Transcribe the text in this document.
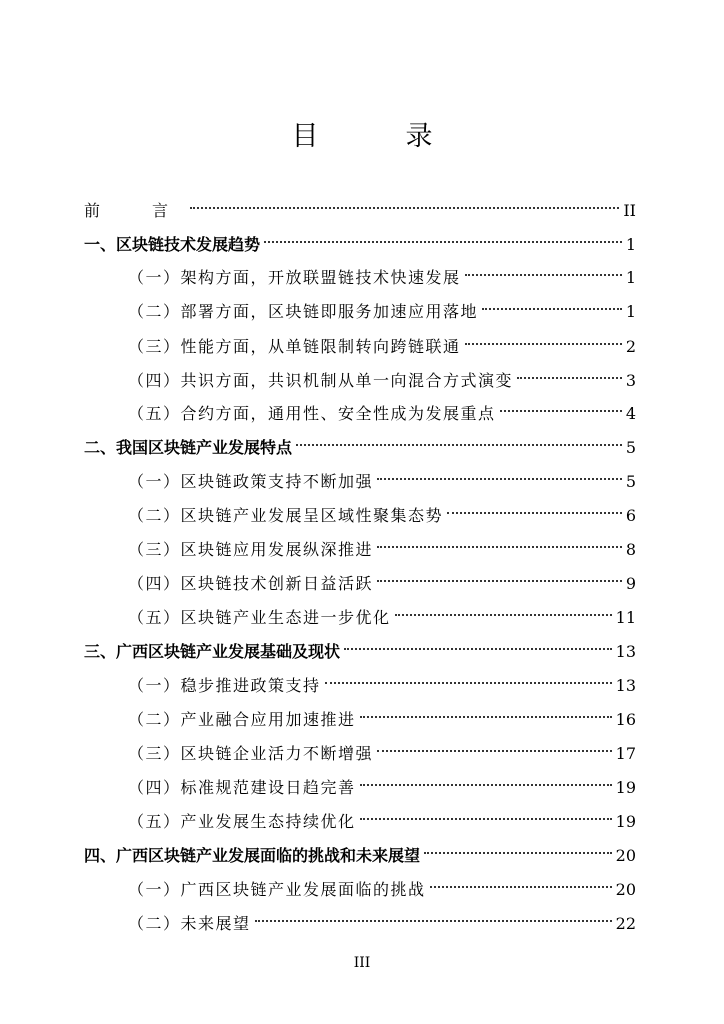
目　录
前　言	II
一、区块链技术发展趋势	1
（一）架构方面，开放联盟链技术快速发展	1
（二）部署方面，区块链即服务加速应用落地	1
（三）性能方面，从单链限制转向跨链联通	2
（四）共识方面，共识机制从单一向混合方式演变	3
（五）合约方面，通用性、安全性成为发展重点	4
二、我国区块链产业发展特点	5
（一）区块链政策支持不断加强	5
（二）区块链产业发展呈区域性聚集态势	6
（三）区块链应用发展纵深推进	8
（四）区块链技术创新日益活跃	9
（五）区块链产业生态进一步优化	11
三、广西区块链产业发展基础及现状	13
（一）稳步推进政策支持	13
（二）产业融合应用加速推进	16
（三）区块链企业活力不断增强	17
（四）标准规范建设日趋完善	19
（五）产业发展生态持续优化	19
四、广西区块链产业发展面临的挑战和未来展望	20
（一）广西区块链产业发展面临的挑战	20
（二）未来展望	22
III
